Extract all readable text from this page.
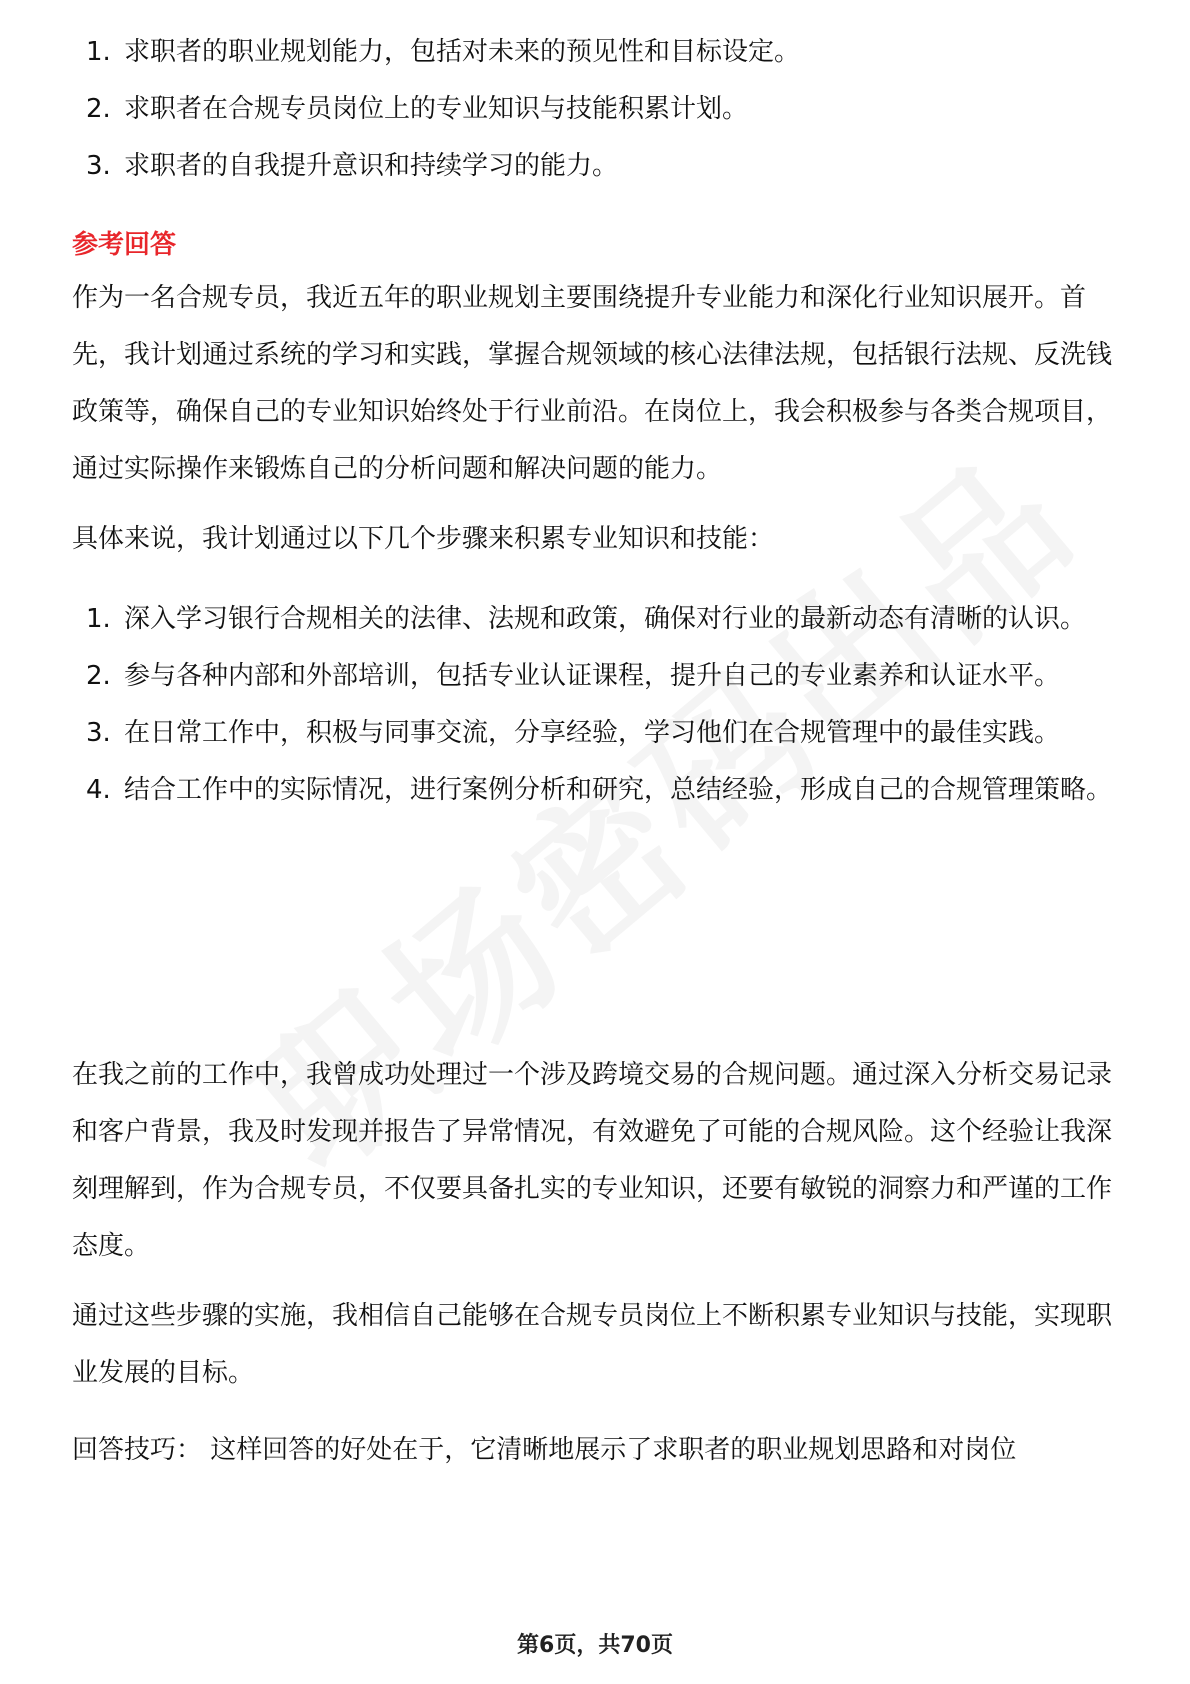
1. 求职者的职业规划能力，包括对未来的预见性和目标设定。
2. 求职者在合规专员岗位上的专业知识与技能积累计划。
3. 求职者的自我提升意识和持续学习的能力。
参考回答

作为一名合规专员，我近五年的职业规划主要围绕提升专业能力和深化行业知识展开。首先，我计划通过系统的学习和实践，掌握合规领域的核心法律法规，包括银行法规、反洗钱政策等，确保自己的专业知识始终处于行业前沿。在岗位上，我会积极参与各类合规项目，通过实际操作来锻炼自己的分析问题和解决问题的能力。

具体来说，我计划通过以下几个步骤来积累专业知识和技能：

1. 深入学习银行合规相关的法律、法规和政策，确保对行业的最新动态有清晰的认识。
2. 参与各种内部和外部培训，包括专业认证课程，提升自己的专业素养和认证水平。
3. 在日常工作中，积极与同事交流，分享经验，学习他们在合规管理中的最佳实践。
4. 结合工作中的实际情况，进行案例分析和研究，总结经验，形成自己的合规管理策略。

在我之前的工作中，我曾成功处理过一个涉及跨境交易的合规问题。通过深入分析交易记录和客户背景，我及时发现并报告了异常情况，有效避免了可能的合规风险。这个经验让我深刻理解到，作为合规专员，不仅要具备扎实的专业知识，还要有敏锐的洞察力和严谨的工作态度。

通过这些步骤的实施，我相信自己能够在合规专员岗位上不断积累专业知识与技能，实现职业发展的目标。

回答技巧： 这样回答的好处在于，它清晰地展示了求职者的职业规划思路和对岗位

第6页，共70页
